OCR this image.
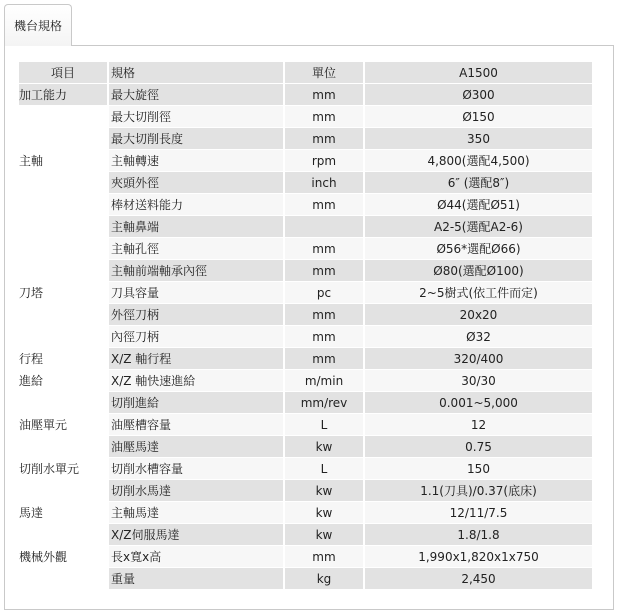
機台規格
項目	規格	單位	A1500
加工能力	最大旋徑	mm	Ø300
	最大切削徑	mm	Ø150
	最大切削長度	mm	350
主軸	主軸轉速	rpm	4,800(選配4,500)
	夾頭外徑	inch	6″ (選配8″)
	棒材送料能力	mm	Ø44(選配Ø51)
	主軸鼻端		A2-5(選配A2-6)
	主軸孔徑	mm	Ø56*選配Ø66)
	主軸前端軸承內徑	mm	Ø80(選配Ø100)
刀塔	刀具容量	pc	2~5樹式(依工件而定)
	外徑刀柄	mm	20x20
	內徑刀柄	mm	Ø32
行程	X/Z 軸行程	mm	320/400
進給	X/Z 軸快速進給	m/min	30/30
	切削進給	mm/rev	0.001~5,000
油壓單元	油壓槽容量	L	12
	油壓馬達	kw	0.75
切削水單元	切削水槽容量	L	150
	切削水馬達	kw	1.1(刀具)/0.37(底床)
馬達	主軸馬達	kw	12/11/7.5
	X/Z伺服馬達	kw	1.8/1.8
機械外觀	長x寬x高	mm	1,990x1,820x1x750
	重量	kg	2,450
